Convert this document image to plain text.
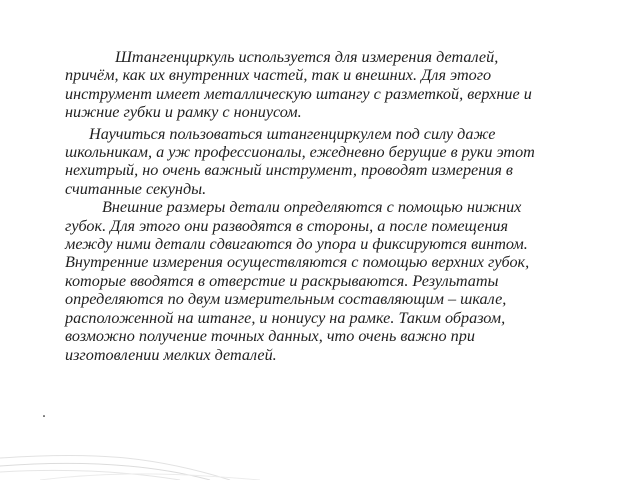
Штангенциркуль используется для измерения деталей, причём, как их внутренних частей, так и внешних. Для этого инструмент имеет металлическую штангу с разметкой, верхние и нижние губки и рамку с нониусом.

Научиться пользоваться штангенциркулем под силу даже школьникам, а уж профессионалы, ежедневно берущие в руки этот нехитрый, но очень важный инструмент, проводят измерения в считанные секунды.

Внешние размеры детали определяются с помощью нижних губок. Для этого они разводятся в стороны, а после помещения между ними детали сдвигаются до упора и фиксируются винтом. Внутренние измерения осуществляются с помощью верхних губок, которые вводятся в отверстие и раскрываются. Результаты определяются по двум измерительным составляющим – шкале, расположенной на штанге, и нониусу на рамке. Таким образом, возможно получение точных данных, что очень важно при изготовлении мелких деталей.

.
